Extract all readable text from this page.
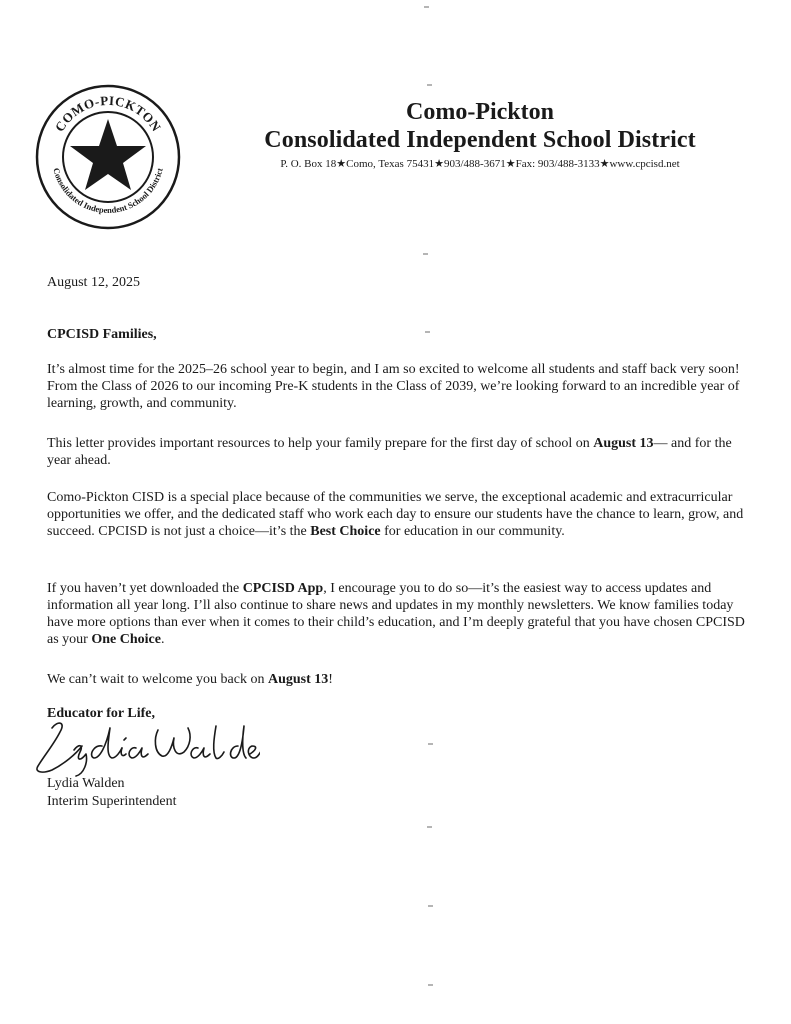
COMO-PICKTON
Consolidated Independent School District
Como-Pickton
Consolidated Independent School District
P. O. Box 18★Como, Texas 75431★903/488-3671★Fax: 903/488-3133★www.cpcisd.net
August 12, 2025
CPCISD Families,

It’s almost time for the 2025–26 school year to begin, and I am so excited to welcome all students and staff back very soon! From the Class of 2026 to our incoming Pre-K students in the Class of 2039, we’re looking forward to an incredible year of learning, growth, and community.

This letter provides important resources to help your family prepare for the first day of school on August 13— and for the year ahead.

Como-Pickton CISD is a special place because of the communities we serve, the exceptional academic and extracurricular opportunities we offer, and the dedicated staff who work each day to ensure our students have the chance to learn, grow, and succeed. CPCISD is not just a choice—it’s the Best Choice for education in our community.

If you haven’t yet downloaded the CPCISD App, I encourage you to do so—it’s the easiest way to access updates and information all year long. I’ll also continue to share news and updates in my monthly newsletters. We know families today have more options than ever when it comes to their child’s education, and I’m deeply grateful that you have chosen CPCISD as your One Choice.

We can’t wait to welcome you back on August 13!

Educator for Life,
Lydia Walden
Interim Superintendent
